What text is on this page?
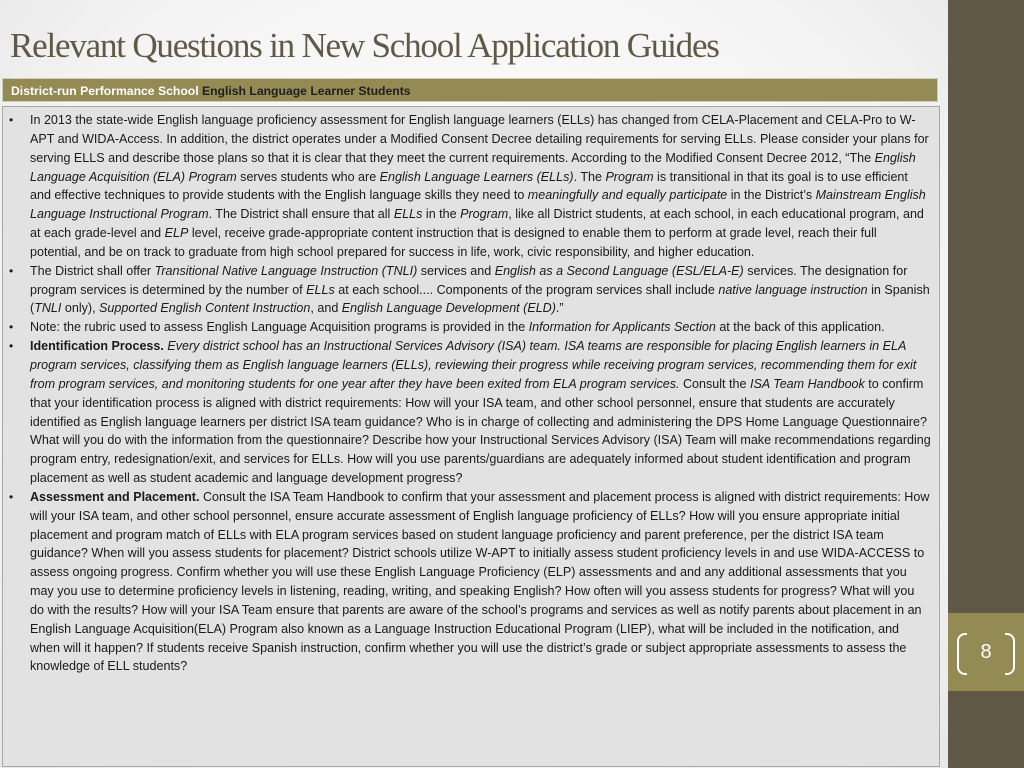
8
Relevant Questions in New School Application Guides
District-run Performance School English Language Learner Students
• In 2013 the state-wide English language proficiency assessment for English language learners (ELLs) has changed from CELA-Placement and CELA-Pro to W-APT and WIDA-Access. In addition, the district operates under a Modified Consent Decree detailing requirements for serving ELLs. Please consider your plans for serving ELLS and describe those plans so that it is clear that they meet the current requirements. According to the Modified Consent Decree 2012, “The English Language Acquisition (ELA) Program serves students who are English Language Learners (ELLs). The Program is transitional in that its goal is to use efficient and effective techniques to provide students with the English language skills they need to meaningfully and equally participate in the District’s Mainstream English Language Instructional Program. The District shall ensure that all ELLs in the Program, like all District students, at each school, in each educational program, and at each grade-level and ELP level, receive grade-appropriate content instruction that is designed to enable them to perform at grade level, reach their full potential, and be on track to graduate from high school prepared for success in life, work, civic responsibility, and higher education.
• The District shall offer Transitional Native Language Instruction (TNLI) services and English as a Second Language (ESL/ELA-E) services. The designation for program services is determined by the number of ELLs at each school.... Components of the program services shall include native language instruction in Spanish (TNLI only), Supported English Content Instruction, and English Language Development (ELD).”
• Note: the rubric used to assess English Language Acquisition programs is provided in the Information for Applicants Section at the back of this application.
• Identification Process. Every district school has an Instructional Services Advisory (ISA) team. ISA teams are responsible for placing English learners in ELA program services, classifying them as English language learners (ELLs), reviewing their progress while receiving program services, recommending them for exit from program services, and monitoring students for one year after they have been exited from ELA program services. Consult the ISA Team Handbook to confirm that your identification process is aligned with district requirements: How will your ISA team, and other school personnel, ensure that students are accurately identified as English language learners per district ISA team guidance? Who is in charge of collecting and administering the DPS Home Language Questionnaire? What will you do with the information from the questionnaire? Describe how your Instructional Services Advisory (ISA) Team will make recommendations regarding program entry, redesignation/exit, and services for ELLs. How will you use parents/guardians are adequately informed about student identification and program placement as well as student academic and language development progress?
• Assessment and Placement. Consult the ISA Team Handbook to confirm that your assessment and placement process is aligned with district requirements: How will your ISA team, and other school personnel, ensure accurate assessment of English language proficiency of ELLs? How will you ensure appropriate initial placement and program match of ELLs with ELA program services based on student language proficiency and parent preference, per the district ISA team guidance? When will you assess students for placement? District schools utilize W-APT to initially assess student proficiency levels in and use WIDA-ACCESS to assess ongoing progress. Confirm whether you will use these English Language Proficiency (ELP) assessments and and any additional assessments that you may you use to determine proficiency levels in listening, reading, writing, and speaking English? How often will you assess students for progress? What will you do with the results? How will your ISA Team ensure that parents are aware of the school’s programs and services as well as notify parents about placement in an English Language Acquisition(ELA) Program also known as a Language Instruction Educational Program (LIEP), what will be included in the notification, and when will it happen? If students receive Spanish instruction, confirm whether you will use the district’s grade or subject appropriate assessments to assess the knowledge of ELL students?
